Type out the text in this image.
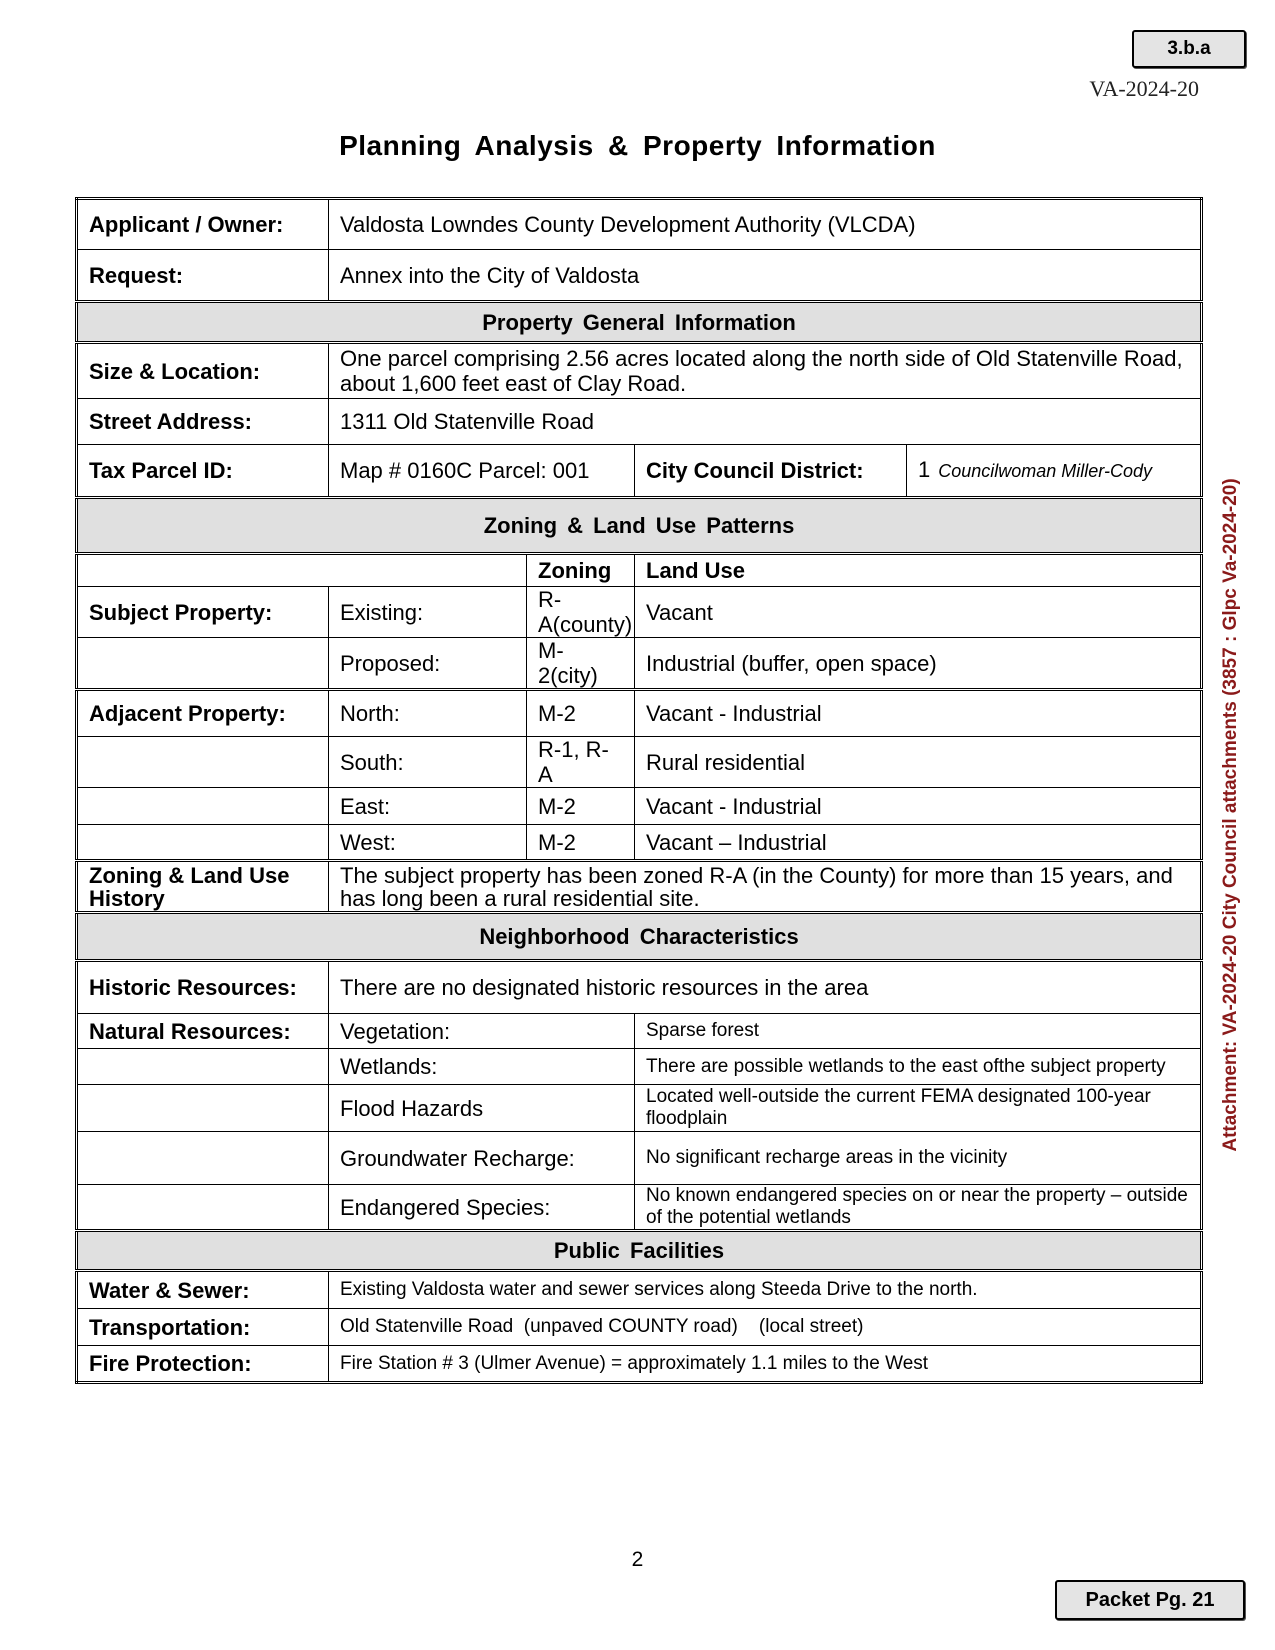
3.b.a
VA-2024-20
Planning Analysis & Property Information
Applicant / Owner:	Valdosta Lowndes County Development Authority (VLCDA)			
Request:	Annex into the City of Valdosta			
Property General Information				
Size & Location:	One parcel comprising 2.56 acres located along the north side of Old Statenville Road, about 1,600 feet east of Clay Road.			
Street Address:	1311 Old Statenville Road			
Tax Parcel ID:	Map # 0160C Parcel: 001		City Council District:	1 Councilwoman Miller-Cody
Zoning & Land Use Patterns				
		Zoning	Land Use	
Subject Property:	Existing:	R-A(county)	Vacant	
	Proposed:	M-2(city)	Industrial (buffer, open space)	
Adjacent Property:	North:	M-2	Vacant - Industrial	
	South:	R-1, R-A	Rural residential	
	East:	M-2	Vacant - Industrial	
	West:	M-2	Vacant – Industrial	
Zoning & Land Use History	The subject property has been zoned R-A (in the County) for more than 15 years, and has long been a rural residential site.			
Neighborhood Characteristics				
Historic Resources:	There are no designated historic resources in the area			
Natural Resources:	Vegetation:		Sparse forest	
	Wetlands:		There are possible wetlands to the east ofthe subject property	
	Flood Hazards		Located well-outside the current FEMA designated 100-year floodplain	
	Groundwater Recharge:		No significant recharge areas in the vicinity	
	Endangered Species:		No known endangered species on or near the property – outside of the potential wetlands	
Public Facilities				
Water & Sewer:	Existing Valdosta water and sewer services along Steeda Drive to the north.			
Transportation:	Old Statenville Road  (unpaved COUNTY road)    (local street)			
Fire Protection:	Fire Station # 3 (Ulmer Avenue) = approximately 1.1 miles to the West			
Attachment: VA-2024-20 City Council attachments (3857 : Glpc Va-2024-20)
2
Packet Pg. 21
